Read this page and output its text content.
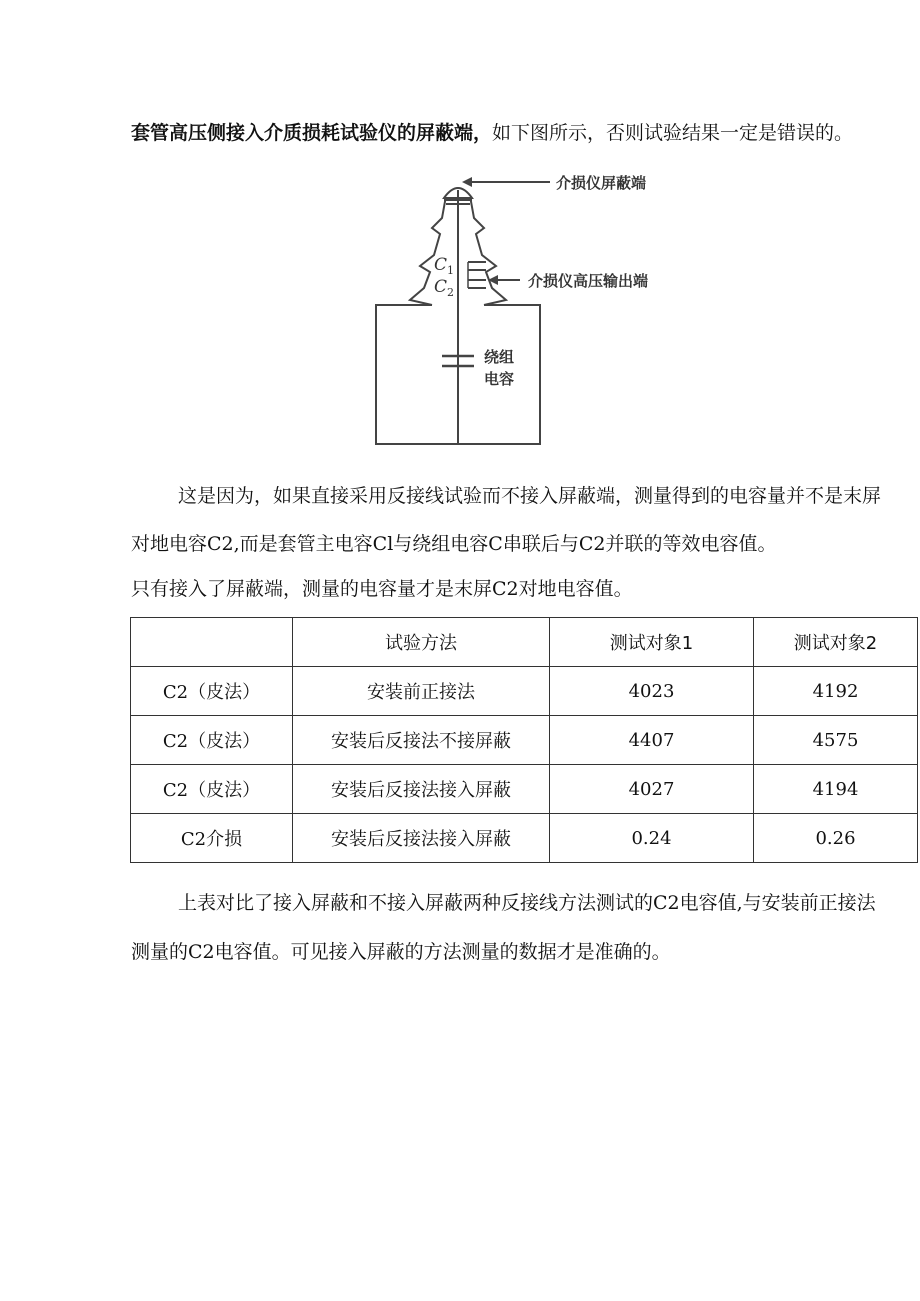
套管高压侧接入介质损耗试验仪的屏蔽端，如下图所示，否则试验结果一定是错误的。
介损仪屏蔽端
介损仪高压输出端
绕组
电容
$C_1$
$C_2$
这是因为，如果直接采用反接线试验而不接入屏蔽端，测量得到的电容量并不是末屏
对地电容C2,而是套管主电容Cl与绕组电容C串联后与C2并联的等效电容值。
只有接入了屏蔽端，测量的电容量才是末屏C2对地电容值。
	试验方法	测试对象1	测试对象2
C2（皮法）	安装前正接法	4023	4192
C2（皮法）	安装后反接法不接屏蔽	4407	4575
C2（皮法）	安装后反接法接入屏蔽	4027	4194
C2介损	安装后反接法接入屏蔽	0.24	0.26
上表对比了接入屏蔽和不接入屏蔽两种反接线方法测试的C2电容值,与安装前正接法
测量的C2电容值。可见接入屏蔽的方法测量的数据才是准确的。
